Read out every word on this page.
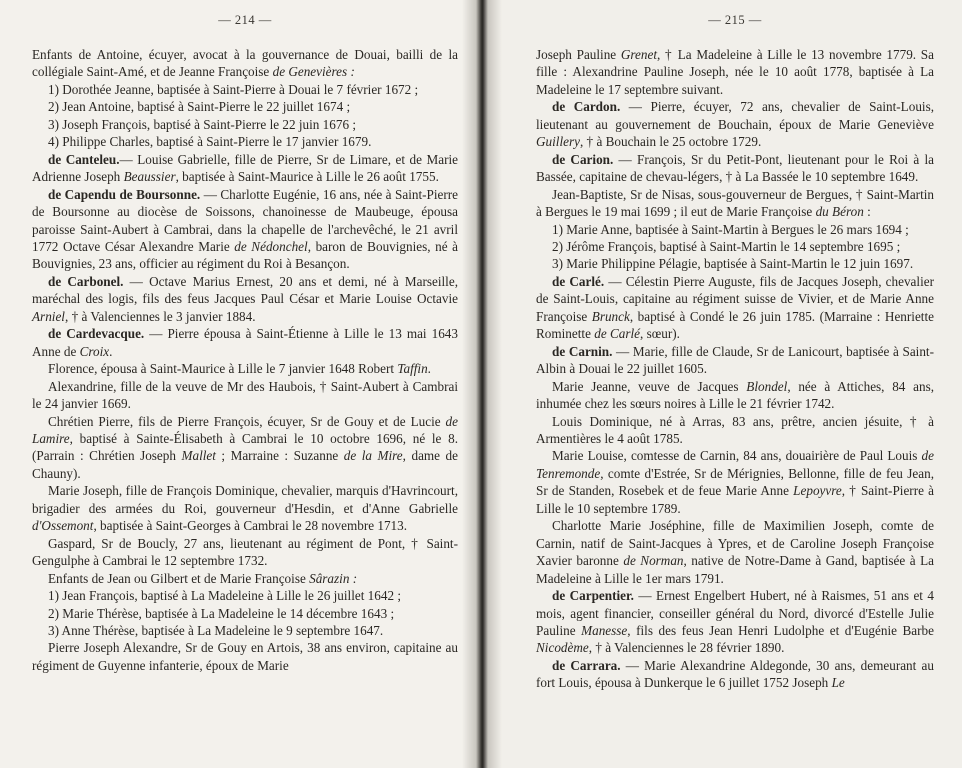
— 214 —

Enfants de Antoine, écuyer, avocat à la gouvernance de Douai, bailli de la collégiale Saint-Amé, et de Jeanne Françoise de Genevières :

1) Dorothée Jeanne, baptisée à Saint-Pierre à Douai le 7 février 1672 ;

2) Jean Antoine, baptisé à Saint-Pierre le 22 juillet 1674 ;

3) Joseph François, baptisé à Saint-Pierre le 22 juin 1676 ;

4) Philippe Charles, baptisé à Saint-Pierre le 17 janvier 1679.

de Canteleu.— Louise Gabrielle, fille de Pierre, Sr de Limare, et de Marie Adrienne Joseph Beaussier, baptisée à Saint-Maurice à Lille le 26 août 1755.

de Capendu de Boursonne. — Charlotte Eugénie, 16 ans, née à Saint-Pierre de Boursonne au diocèse de Soissons, chanoinesse de Maubeuge, épousa paroisse Saint-Aubert à Cambrai, dans la chapelle de l'archevêché, le 21 avril 1772 Octave César Alexandre Marie de Nédonchel, baron de Bouvignies, né à Bouvignies, 23 ans, officier au régiment du Roi à Besançon.

de Carbonel. — Octave Marius Ernest, 20 ans et demi, né à Marseille, maréchal des logis, fils des feus Jacques Paul César et Marie Louise Octavie Arniel, † à Valenciennes le 3 janvier 1884.

de Cardevacque. — Pierre épousa à Saint-Étienne à Lille le 13 mai 1643 Anne de Croix.

Florence, épousa à Saint-Maurice à Lille le 7 janvier 1648 Robert Taffin.

Alexandrine, fille de la veuve de Mr des Haubois, † Saint-Aubert à Cambrai le 24 janvier 1669.

Chrétien Pierre, fils de Pierre François, écuyer, Sr de Gouy et de Lucie de Lamire, baptisé à Sainte-Élisabeth à Cambrai le 10 octobre 1696, né le 8. (Parrain : Chrétien Joseph Mallet ; Marraine : Suzanne de la Mire, dame de Chauny).

Marie Joseph, fille de François Dominique, chevalier, marquis d'Havrincourt, brigadier des armées du Roi, gouverneur d'Hesdin, et d'Anne Gabrielle d'Ossemont, baptisée à Saint-Georges à Cambrai le 28 novembre 1713.

Gaspard, Sr de Boucly, 27 ans, lieutenant au régiment de Pont, † Saint-Gengulphe à Cambrai le 12 septembre 1732.

Enfants de Jean ou Gilbert et de Marie Françoise Sârazin :

1) Jean François, baptisé à La Madeleine à Lille le 26 juillet 1642 ;

2) Marie Thérèse, baptisée à La Madeleine le 14 décembre 1643 ;

3) Anne Thérèse, baptisée à La Madeleine le 9 septembre 1647.

Pierre Joseph Alexandre, Sr de Gouy en Artois, 38 ans environ, capitaine au régiment de Guyenne infanterie, époux de Marie

— 215 —

Joseph Pauline Grenet, † La Madeleine à Lille le 13 novembre 1779. Sa fille : Alexandrine Pauline Joseph, née le 10 août 1778, baptisée à La Madeleine le 17 septembre suivant.

de Cardon. — Pierre, écuyer, 72 ans, chevalier de Saint-Louis, lieutenant au gouvernement de Bouchain, époux de Marie Geneviève Guillery, † à Bouchain le 25 octobre 1729.

de Carion. — François, Sr du Petit-Pont, lieutenant pour le Roi à la Bassée, capitaine de chevau-légers, † à La Bassée le 10 septembre 1649.

Jean-Baptiste, Sr de Nisas, sous-gouverneur de Bergues, † Saint-Martin à Bergues le 19 mai 1699 ; il eut de Marie Françoise du Béron :

1) Marie Anne, baptisée à Saint-Martin à Bergues le 26 mars 1694 ;

2) Jérôme François, baptisé à Saint-Martin le 14 septembre 1695 ;

3) Marie Philippine Pélagie, baptisée à Saint-Martin le 12 juin 1697.

de Carlé. — Célestin Pierre Auguste, fils de Jacques Joseph, chevalier de Saint-Louis, capitaine au régiment suisse de Vivier, et de Marie Anne Françoise Brunck, baptisé à Condé le 26 juin 1785. (Marraine : Henriette Rominette de Carlé, sœur).

de Carnin. — Marie, fille de Claude, Sr de Lanicourt, baptisée à Saint-Albin à Douai le 22 juillet 1605.

Marie Jeanne, veuve de Jacques Blondel, née à Attiches, 84 ans, inhumée chez les sœurs noires à Lille le 21 février 1742.

Louis Dominique, né à Arras, 83 ans, prêtre, ancien jésuite, † à Armentières le 4 août 1785.

Marie Louise, comtesse de Carnin, 84 ans, douairière de Paul Louis de Tenremonde, comte d'Estrée, Sr de Mérignies, Bellonne, fille de feu Jean, Sr de Standen, Rosebek et de feue Marie Anne Lepoyvre, † Saint-Pierre à Lille le 10 septembre 1789.

Charlotte Marie Joséphine, fille de Maximilien Joseph, comte de Carnin, natif de Saint-Jacques à Ypres, et de Caroline Joseph Françoise Xavier baronne de Norman, native de Notre-Dame à Gand, baptisée à La Madeleine à Lille le 1er mars 1791.

de Carpentier. — Ernest Engelbert Hubert, né à Raismes, 51 ans et 4 mois, agent financier, conseiller général du Nord, divorcé d'Estelle Julie Pauline Manesse, fils des feus Jean Henri Ludolphe et d'Eugénie Barbe Nicodème, † à Valenciennes le 28 février 1890.

de Carrara. — Marie Alexandrine Aldegonde, 30 ans, demeurant au fort Louis, épousa à Dunkerque le 6 juillet 1752 Joseph Le
